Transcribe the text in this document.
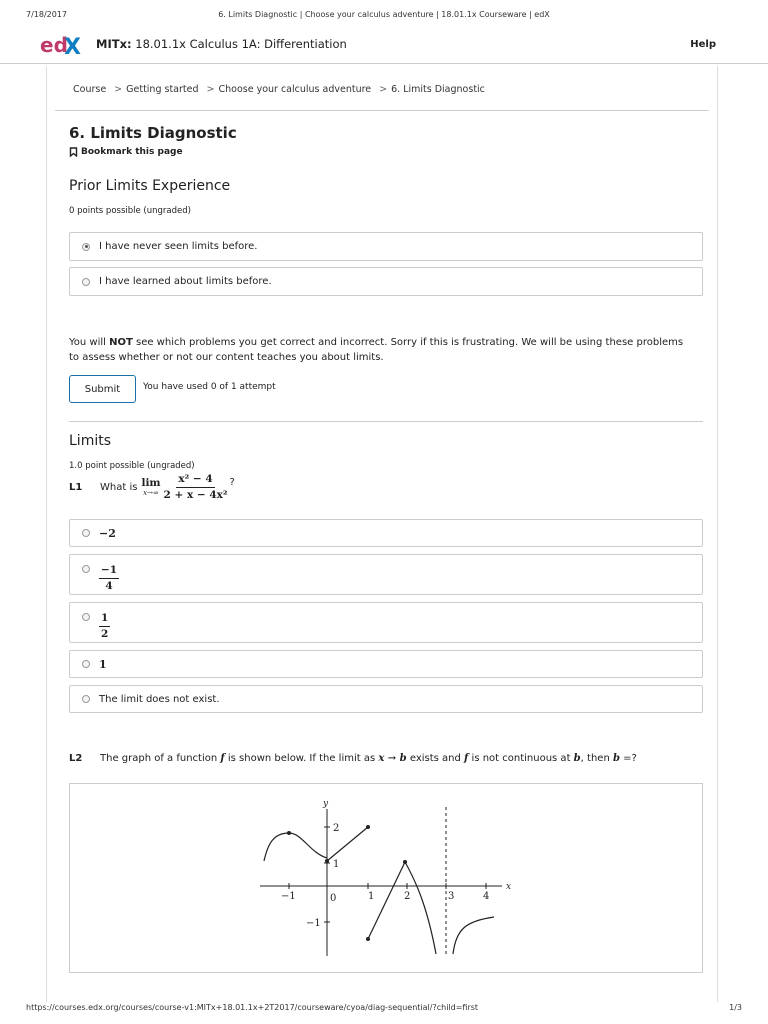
7/18/2017	6. Limits Diagnostic | Choose your calculus adventure | 18.01.1x Courseware | edX
ed
X MITx: 18.01.1x Calculus 1A: Differentiation	Help
Course > Getting started > Choose your calculus adventure > 6. Limits Diagnostic
6. Limits Diagnostic
Bookmark this page
Prior Limits Experience
0 points possible (ungraded)
I have never seen limits before.
I have learned about limits before.
You will NOT see which problems you get correct and incorrect. Sorry if this is frustrating. We will be using these problems to assess whether or not our content teaches you about limits.
Submit	You have used 0 of 1 attempt
Limits
1.0 point possible (ungraded)
L1	What is lim
$x\to\infty \frac{\text{x² − 4}}{\text{2 + x − 4x²}}$ ?
−2
$\frac{-1}{4}$
$\frac{1}{2}$
1
The limit does not exist.
L2 The graph of a function f is shown below. If the limit as x → b exists and f is not continuous at b, then b =?
x
y
−1	0	1	2	3	4
2
1
−1
https://courses.edx.org/courses/course-v1:MITx+18.01.1x+2T2017/courseware/cyoa/diag-sequential/?child=first	1/3
